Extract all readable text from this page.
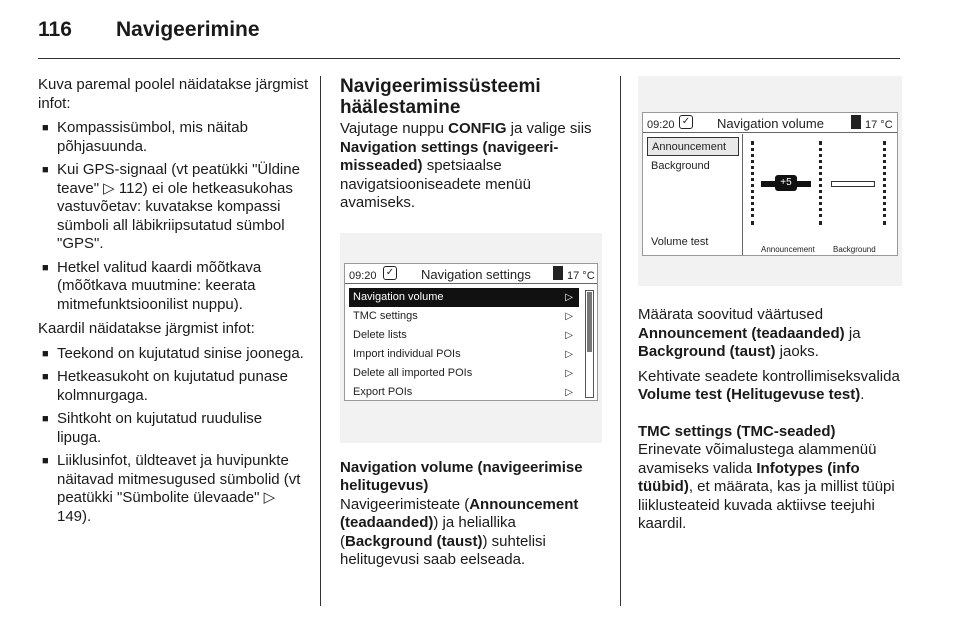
116 Navigeerimine

Kuva paremal poolel näidatakse järgmist infot:

■ Kompassisümbol, mis näitab põhjasuunda.
■ Kui GPS-signaal (vt peatükki "Üldine teave" ▷ 112) ei ole hetkeasukohas vastuvõetav: kuvatakse kompassi sümboli all läbikriipsutatud sümbol "GPS".
■ Hetkel valitud kaardi mõõtkava (mõõtkava muutmine: keerata mitmefunktsioonilist nuppu).

Kaardil näidatakse järgmist infot:

■ Teekond on kujutatud sinise joonega.
■ Hetkeasukoht on kujutatud punase kolmnurgaga.
■ Sihtkoht on kujutatud ruudulise lipuga.
■ Liiklusinfot, üldteavet ja huvipunkte näitavad mitmesugused sümbolid (vt peatükki "Sümbolite ülevaade" ▷ 149).
Navigeerimissüsteemi häälestamine

Vajutage nuppu CONFIG ja valige siis Navigation settings (navigeeri-misseaded) spetsiaalse navigatsiooniseadete menüü avamiseks.

09:20 ✓ Navigation settings	17 °C
Navigation volume	▷
TMC settings	▷
Delete lists	▷
Import individual POIs	▷
Delete all imported POIs	▷
Export POIs	▷
Navigation volume (navigeerimise helitugevus)

Navigeerimisteate (Announcement (teadaanded)) ja heliallika (Background (taust)) suhtelisi helitugevusi saab eelseada.

09:20 ✓ Navigation volume	17 °C
Announcement
Background
Volume test
+5
Announcement Background

Määrata soovitud väärtused Announcement (teadaanded) ja Background (taust) jaoks.

Kehtivate seadete kontrollimiseksvalida Volume test (Helitugevuse test).

TMC settings (TMC-seaded)

Erinevate võimalustega alammenüü avamiseks valida Infotypes (info tüübid), et määrata, kas ja millist tüüpi liiklusteateid kuvada aktiivse teejuhi kaardil.
